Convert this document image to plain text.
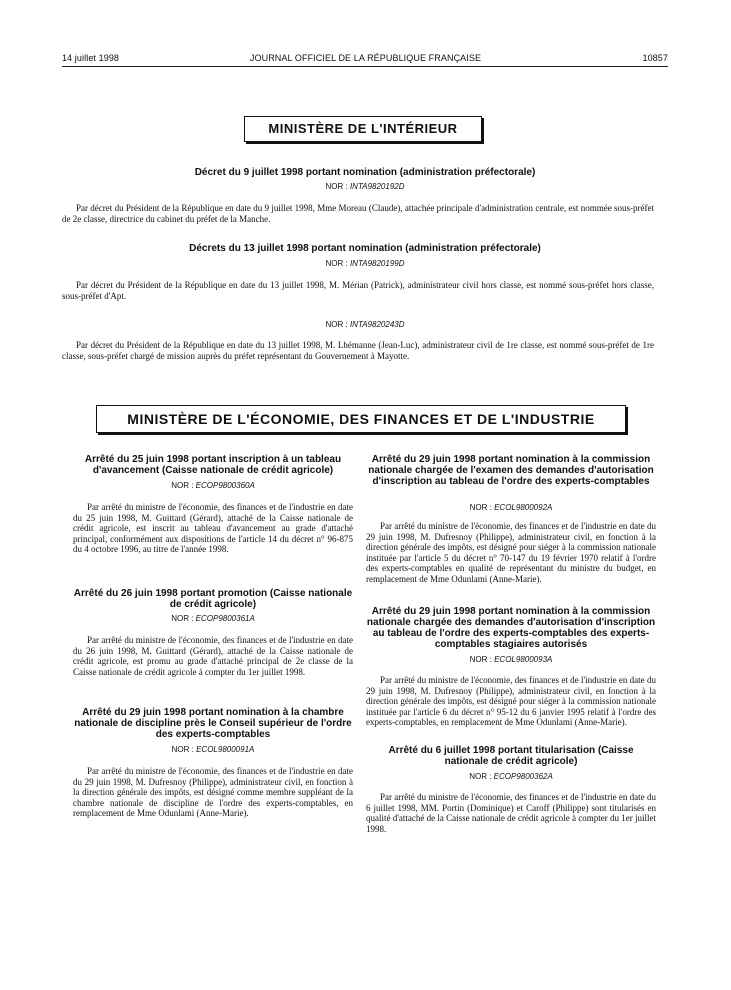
14 juillet 1998	JOURNAL OFFICIEL DE LA RÉPUBLIQUE FRANÇAISE	10857
MINISTÈRE DE L'INTÉRIEUR
Décret du 9 juillet 1998 portant nomination (administration préfectorale)
NOR : INTA9820192D
Par décret du Président de la République en date du 9 juillet 1998, Mme Moreau (Claude), attachée principale d'administration centrale, est nommée sous-préfet de 2e classe, directrice du cabinet du préfet de la Manche.
Décrets du 13 juillet 1998 portant nomination (administration préfectorale)
NOR : INTA9820199D
Par décret du Président de la République en date du 13 juillet 1998, M. Mérian (Patrick), administrateur civil hors classe, est nommé sous-préfet hors classe, sous-préfet d'Apt.
NOR : INTA9820243D
Par décret du Président de la République en date du 13 juillet 1998, M. Lhémanne (Jean-Luc), administrateur civil de 1re classe, est nommé sous-préfet de 1re classe, sous-préfet chargé de mission auprès du préfet représentant du Gouvernement à Mayotte.
MINISTÈRE DE L'ÉCONOMIE, DES FINANCES ET DE L'INDUSTRIE
Arrêté du 25 juin 1998 portant inscription à un tableau d'avancement (Caisse nationale de crédit agricole)
NOR : ECOP9800360A
Par arrêté du ministre de l'économie, des finances et de l'industrie en date du 25 juin 1998, M. Guittard (Gérard), attaché de la Caisse nationale de crédit agricole, est inscrit au tableau d'avancement au grade d'attaché principal, conformément aux dispositions de l'article 14 du décret n° 96-875 du 4 octobre 1996, au titre de l'année 1998.
Arrêté du 26 juin 1998 portant promotion (Caisse nationale de crédit agricole)
NOR : ECOP9800361A
Par arrêté du ministre de l'économie, des finances et de l'industrie en date du 26 juin 1998, M. Guittard (Gérard), attaché de la Caisse nationale de crédit agricole, est promu au grade d'attaché principal de 2e classe de la Caisse nationale de crédit agricole à compter du 1er juillet 1998.
Arrêté du 29 juin 1998 portant nomination à la chambre nationale de discipline près le Conseil supérieur de l'ordre des experts-comptables
NOR : ECOL9800091A
Par arrêté du ministre de l'économie, des finances et de l'industrie en date du 29 juin 1998, M. Dufresnoy (Philippe), administrateur civil, en fonction à la direction générale des impôts, est désigné comme membre suppléant de la chambre nationale de discipline de l'ordre des experts-comptables, en remplacement de Mme Odunlami (Anne-Marie).
Arrêté du 29 juin 1998 portant nomination à la commission nationale chargée de l'examen des demandes d'autorisation d'inscription au tableau de l'ordre des experts-comptables
NOR : ECOL9800092A
Par arrêté du ministre de l'économie, des finances et de l'industrie en date du 29 juin 1998, M. Dufresnoy (Philippe), administrateur civil, en fonction à la direction générale des impôts, est désigné pour siéger à la commission nationale instituée par l'article 5 du décret n° 70-147 du 19 février 1970 relatif à l'ordre des experts-comptables en qualité de représentant du ministre du budget, en remplacement de Mme Odunlami (Anne-Marie).
Arrêté du 29 juin 1998 portant nomination à la commission nationale chargée des demandes d'autorisation d'inscription au tableau de l'ordre des experts-comptables des experts-comptables stagiaires autorisés
NOR : ECOL9800093A
Par arrêté du ministre de l'économie, des finances et de l'industrie en date du 29 juin 1998, M. Dufresnoy (Philippe), administrateur civil, en fonction à la direction générale des impôts, est désigné pour siéger à la commission nationale instituée par l'article 6 du décret n° 95-12 du 6 janvier 1995 relatif à l'ordre des experts-comptables, en remplacement de Mme Odunlami (Anne-Marie).
Arrêté du 6 juillet 1998 portant titularisation (Caisse nationale de crédit agricole)
NOR : ECOP9800362A
Par arrêté du ministre de l'économie, des finances et de l'industrie en date du 6 juillet 1998, MM. Portin (Dominique) et Caroff (Philippe) sont titularisés en qualité d'attaché de la Caisse nationale de crédit agricole à compter du 1er juillet 1998.
